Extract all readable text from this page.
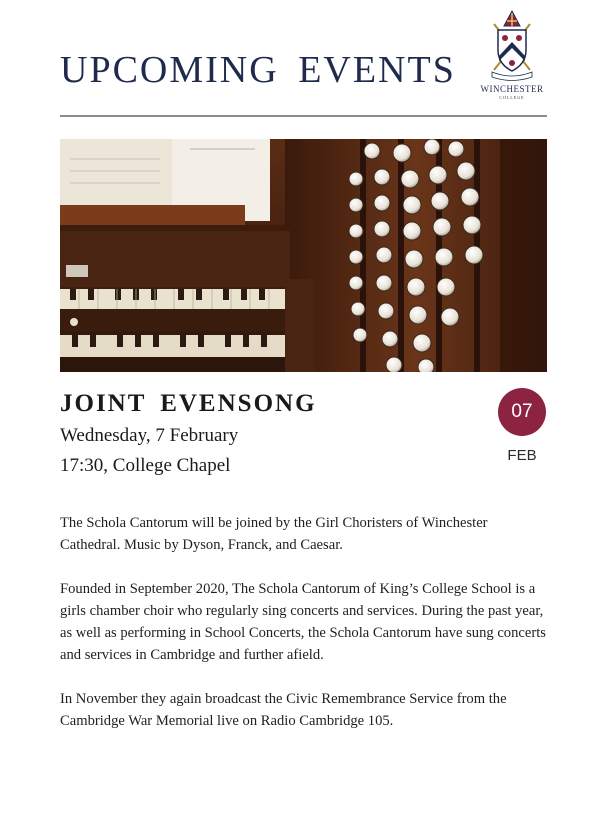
UPCOMING EVENTS	WINCHESTER
COLLEGE
JOINT EVENSONG
Wednesday, 7 February
17:30, College Chapel
07
FEB

The Schola Cantorum will be joined by the Girl Choristers of Winchester Cathedral. Music by Dyson, Franck, and Caesar.

Founded in September 2020, The Schola Cantorum of King’s College School is a girls chamber choir who regularly sing concerts and services. During the past year, as well as performing in School Concerts, the Schola Cantorum have sung concerts and services in Cambridge and further afield.

In November they again broadcast the Civic Remembrance Service from the Cambridge War Memorial live on Radio Cambridge 105.
